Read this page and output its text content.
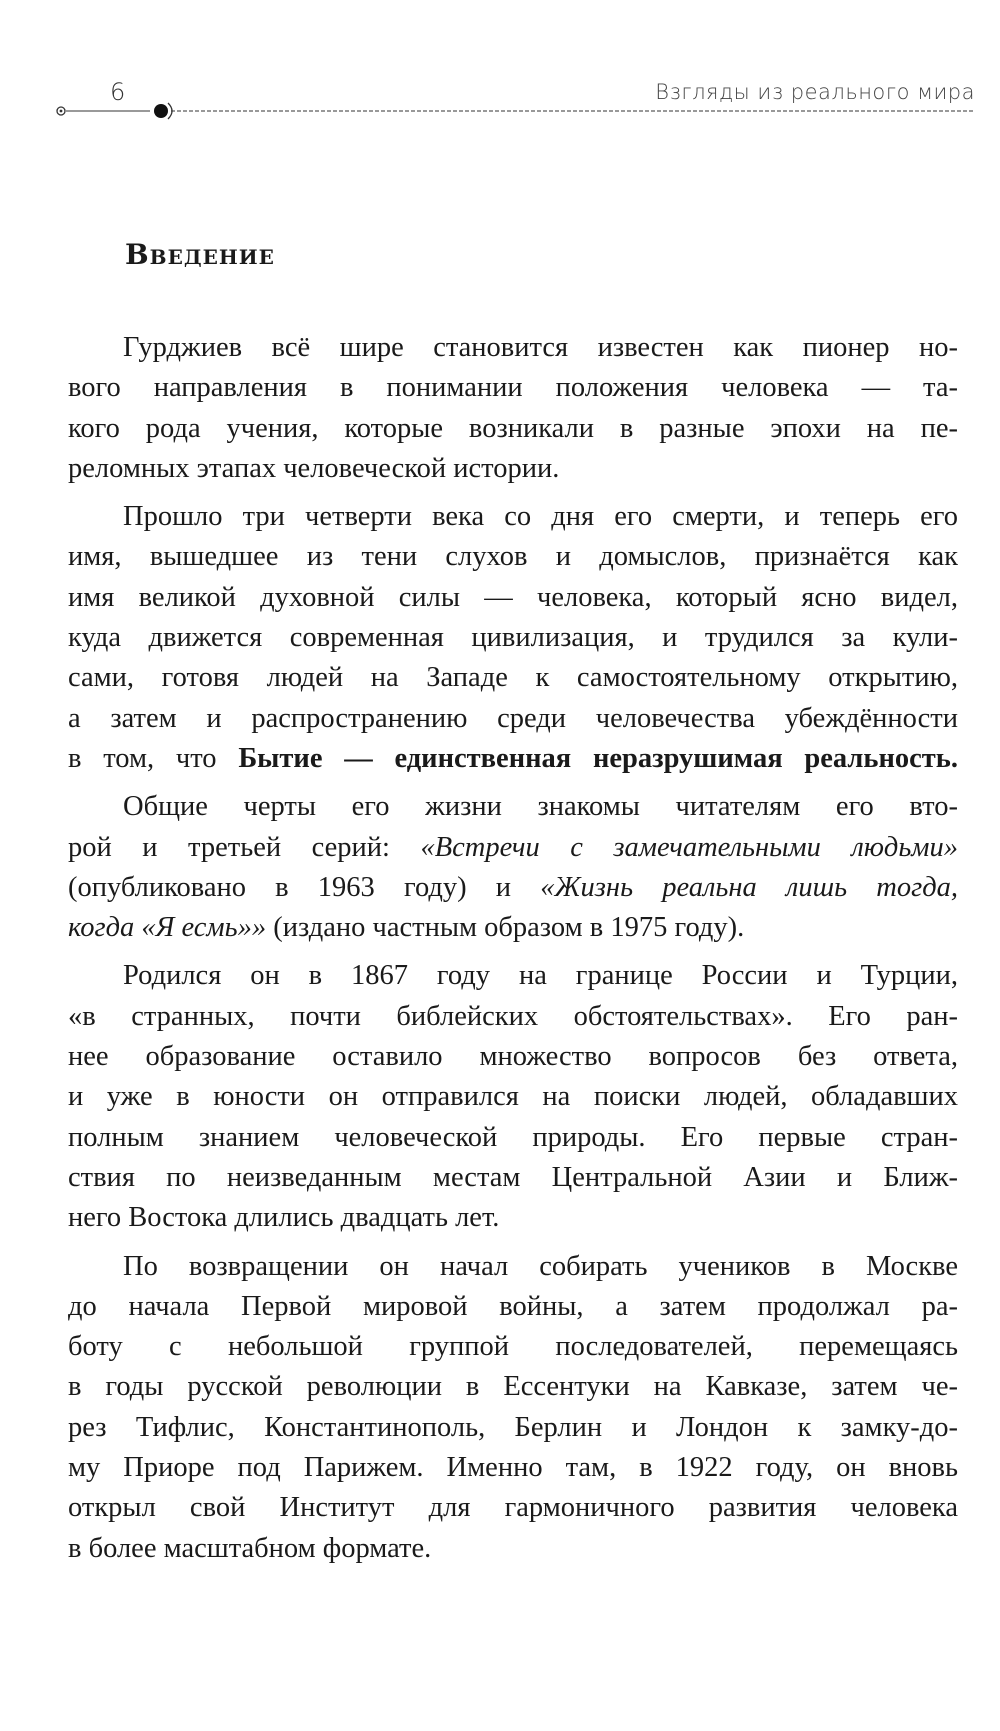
6	Взгляды из реального мира
Введение
Гурджиев всё шире становится известен как пионер но-
вого направления в понимании положения человека — та-
кого рода учения, которые возникали в разные эпохи на пе-
реломных этапах человеческой истории.
Прошло три четверти века со дня его смерти, и теперь его
имя, вышедшее из тени слухов и домыслов, признаётся как
имя великой духовной силы — человека, который ясно видел,
куда движется современная цивилизация, и трудился за кули-
сами, готовя людей на Западе к самостоятельному открытию,
а затем и распространению среди человечества убеждённости
в том, что Бытие — единственная неразрушимая реальность.
Общие черты его жизни знакомы читателям его вто-
рой и третьей серий: «Встречи с замечательными людьми»
(опубликовано в 1963 году) и «Жизнь реальна лишь тогда,
когда «Я есмь»» (издано частным образом в 1975 году).
Родился он в 1867 году на границе России и Турции,
«в странных, почти библейских обстоятельствах». Его ран-
нее образование оставило множество вопросов без ответа,
и уже в юности он отправился на поиски людей, обладавших
полным знанием человеческой природы. Его первые стран-
ствия по неизведанным местам Центральной Азии и Ближ-
него Востока длились двадцать лет.
По возвращении он начал собирать учеников в Москве
до начала Первой мировой войны, а затем продолжал ра-
боту с небольшой группой последователей, перемещаясь
в годы русской революции в Ессентуки на Кавказе, затем че-
рез Тифлис, Константинополь, Берлин и Лондон к замку-до-
му Приоре под Парижем. Именно там, в 1922 году, он вновь
открыл свой Институт для гармоничного развития человека
в более масштабном формате.
